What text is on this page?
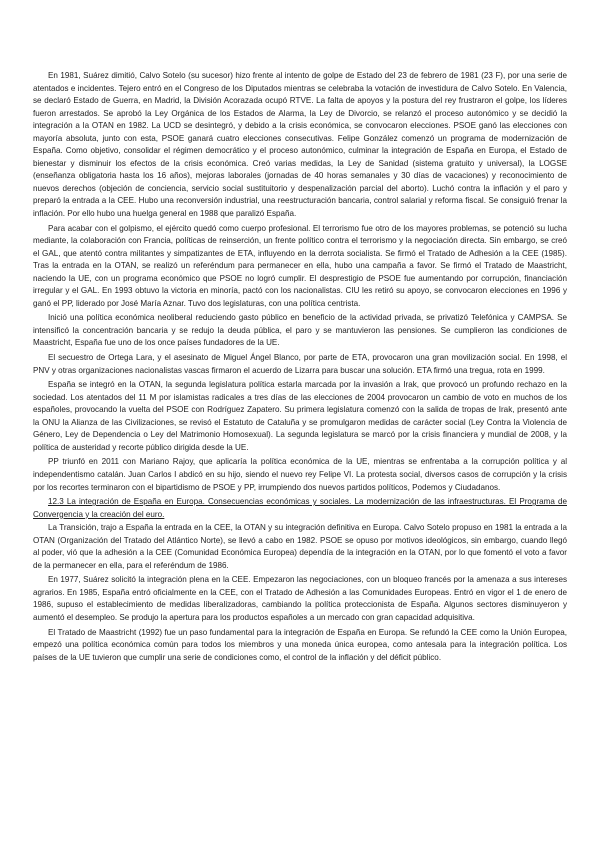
En 1981, Suárez dimitió, Calvo Sotelo (su sucesor) hizo frente al intento de golpe de Estado del 23 de febrero de 1981 (23 F), por una serie de atentados e incidentes. Tejero entró en el Congreso de los Diputados mientras se celebraba la votación de investidura de Calvo Sotelo. En Valencia, se declaró Estado de Guerra, en Madrid, la División Acorazada ocupó RTVE. La falta de apoyos y la postura del rey frustraron el golpe, los líderes fueron arrestados. Se aprobó la Ley Orgánica de los Estados de Alarma, la Ley de Divorcio, se relanzó el proceso autonómico y se decidió la integración a la OTAN en 1982. La UCD se desintegró, y debido a la crisis económica, se convocaron elecciones. PSOE ganó las elecciones con mayoría absoluta, junto con esta, PSOE ganará cuatro elecciones consecutivas. Felipe González comenzó un programa de modernización de España. Como objetivo, consolidar el régimen democrático y el proceso autonómico, culminar la integración de España en Europa, el Estado de bienestar y disminuir los efectos de la crisis económica. Creó varias medidas, la Ley de Sanidad (sistema gratuito y universal), la LOGSE (enseñanza obligatoria hasta los 16 años), mejoras laborales (jornadas de 40 horas semanales y 30 días de vacaciones) y reconocimiento de nuevos derechos (objeción de conciencia, servicio social sustituitorio y despenalización parcial del aborto). Luchó contra la inflación y el paro y preparó la entrada a la CEE. Hubo una reconversión industrial, una reestructuración bancaria, control salarial y reforma fiscal. Se consiguió frenar la inflación. Por ello hubo una huelga general en 1988 que paralizó España.

Para acabar con el golpismo, el ejército quedó como cuerpo profesional. El terrorismo fue otro de los mayores problemas, se potenció su lucha mediante, la colaboración con Francia, políticas de reinserción, un frente político contra el terrorismo y la negociación directa. Sin embargo, se creó el GAL, que atentó contra militantes y simpatizantes de ETA, influyendo en la derrota socialista. Se firmó el Tratado de Adhesión a la CEE (1985). Tras la entrada en la OTAN, se realizó un referéndum para permanecer en ella, hubo una campaña a favor. Se firmó el Tratado de Maastricht, naciendo la UE, con un programa económico que PSOE no logró cumplir. El desprestigio de PSOE fue aumentando por corrupción, financiación irregular y el GAL. En 1993 obtuvo la victoria en minoría, pactó con los nacionalistas. CIU les retiró su apoyo, se convocaron elecciones en 1996 y ganó el PP, liderado por José María Aznar. Tuvo dos legislaturas, con una política centrista.

Inició una política económica neoliberal reduciendo gasto público en beneficio de la actividad privada, se privatizó Telefónica y CAMPSA. Se intensificó la concentración bancaria y se redujo la deuda pública, el paro y se mantuvieron las pensiones. Se cumplieron las condiciones de Maastricht, España fue uno de los once países fundadores de la UE.

El secuestro de Ortega Lara, y el asesinato de Miguel Ángel Blanco, por parte de ETA, provocaron una gran movilización social. En 1998, el PNV y otras organizaciones nacionalistas vascas firmaron el acuerdo de Lizarra para buscar una solución. ETA firmó una tregua, rota en 1999.

España se integró en la OTAN, la segunda legislatura política estarla marcada por la invasión a Irak, que provocó un profundo rechazo en la sociedad. Los atentados del 11 M por islamistas radicales a tres días de las elecciones de 2004 provocaron un cambio de voto en muchos de los españoles, provocando la vuelta del PSOE con Rodríguez Zapatero. Su primera legislatura comenzó con la salida de tropas de Irak, presentó ante la ONU la Alianza de las Civilizaciones, se revisó el Estatuto de Cataluña y se promulgaron medidas de carácter social (Ley Contra la Violencia de Género, Ley de Dependencia o Ley del Matrimonio Homosexual). La segunda legislatura se marcó por la crisis financiera y mundial de 2008, y la política de austeridad y recorte público dirigida desde la UE.

PP triunfó en 2011 con Mariano Rajoy, que aplicaría la política económica de la UE, mientras se enfrentaba a la corrupción política y al independentismo catalán. Juan Carlos I abdicó en su hijo, siendo el nuevo rey Felipe VI. La protesta social, diversos casos de corrupción y la crisis por los recortes terminaron con el bipartidismo de PSOE y PP, irrumpiendo dos nuevos partidos políticos, Podemos y Ciudadanos.

12.3 La integración de España en Europa. Consecuencias económicas y sociales. La modernización de las infraestructuras. El Programa de Convergencia y la creación del euro.

La Transición, trajo a España la entrada en la CEE, la OTAN y su integración definitiva en Europa. Calvo Sotelo propuso en 1981 la entrada a la OTAN (Organización del Tratado del Atlántico Norte), se llevó a cabo en 1982. PSOE se opuso por motivos ideológicos, sin embargo, cuando llegó al poder, vió que la adhesión a la CEE (Comunidad Económica Europea) dependía de la integración en la OTAN, por lo que fomentó el voto a favor de la permanecer en ella, para el referéndum de 1986.

En 1977, Suárez solicitó la integración plena en la CEE. Empezaron las negociaciones, con un bloqueo francés por la amenaza a sus intereses agrarios. En 1985, España entró oficialmente en la CEE, con el Tratado de Adhesión a las Comunidades Europeas. Entró en vigor el 1 de enero de 1986, supuso el establecimiento de medidas liberalizadoras, cambiando la política proteccionista de España. Algunos sectores disminuyeron y aumentó el desempleo. Se produjo la apertura para los productos españoles a un mercado con gran capacidad adquisitiva.

El Tratado de Maastricht (1992) fue un paso fundamental para la integración de España en Europa. Se refundó la CEE como la Unión Europea, empezó una política económica común para todos los miembros y una moneda única europea, como antesala para la integración política. Los países de la UE tuvieron que cumplir una serie de condiciones como, el control de la inflación y del déficit público.
